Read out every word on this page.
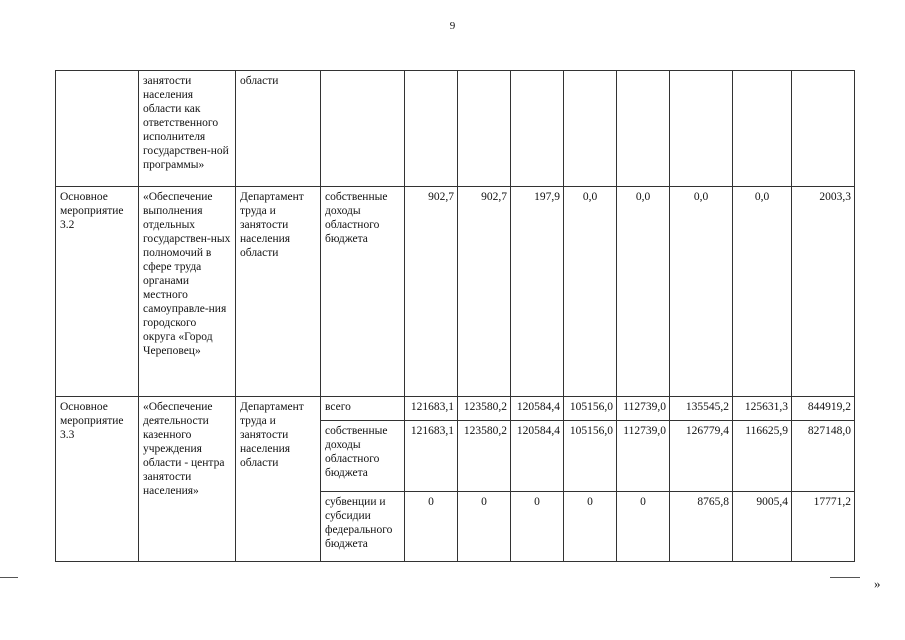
9
	занятости населения области как ответственного исполнителя государствен-ной программы»	области									
Основное мероприятие 3.2	«Обеспечение выполнения отдельных государствен-ных полномочий в сфере труда органами местного самоуправле-ния городского округа «Город Череповец»	Департамент труда и занятости населения области	собственные доходы областного бюджета	902,7	902,7	197,9	0,0	0,0	0,0	0,0	2003,3
Основное мероприятие 3.3	«Обеспечение деятельности казенного учреждения области - центра занятости населения»	Департамент труда и занятости населения области	всего	121683,1	123580,2	120584,4	105156,0	112739,0	135545,2	125631,3	844919,2
			собственные доходы областного бюджета	121683,1	123580,2	120584,4	105156,0	112739,0	126779,4	116625,9	827148,0
			субвенции и субсидии федерального бюджета	0	0	0	0	0	8765,8	9005,4	17771,2
»
